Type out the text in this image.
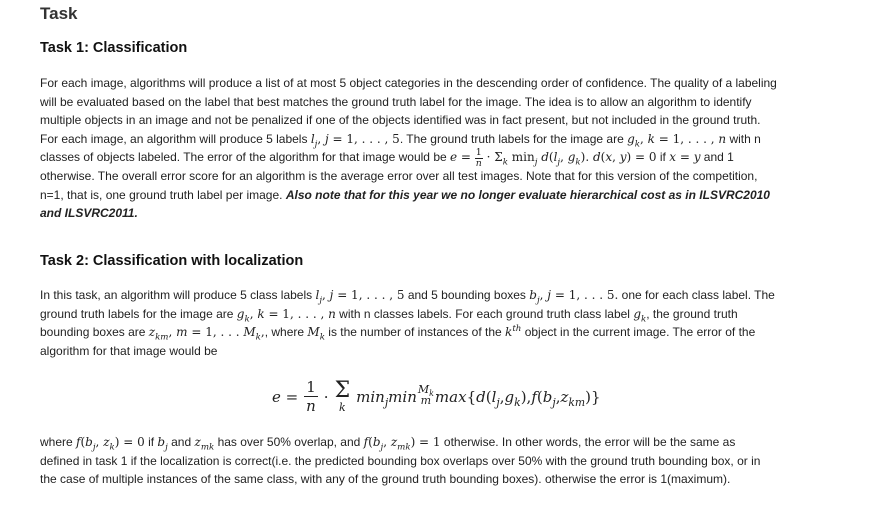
Task
Task 1: Classification
For each image, algorithms will produce a list of at most 5 object categories in the descending order of confidence. The quality of a labeling
will be evaluated based on the label that best matches the ground truth label for the image. The idea is to allow an algorithm to identify
multiple objects in an image and not be penalized if one of the objects identified was in fact present, but not included in the ground truth.
For each image, an algorithm will produce 5 labels $l_j$, j = 1, . . . , 5. The ground truth labels for the image are $g_k$, k = 1, . . . , n with n
classes of objects labeled. The error of the algorithm for that image would be $e = \frac{1}{n} \cdot \Sigma_k$ $\min_j d(l_j$, $g_k$). d(x, y) = 0 if x = y and 1
otherwise. The overall error score for an algorithm is the average error over all test images. Note that for this version of the competition,
n=1, that is, one ground truth label per image. Also note that for this year we no longer evaluate hierarchical cost as in ILSVRC2010
and ILSVRC2011.
Task 2: Classification with localization
In this task, an algorithm will produce 5 class labels $l_j$, j = 1, . . . , 5 and 5 bounding boxes $b_j$, j = 1, . . . 5. one for each class label. The
ground truth labels for the image are $g_k$, k = 1, . . . , n with n classes labels. For each ground truth class label $g_k$, the ground truth
bounding boxes are $z_{km}$, m = 1, . . . $M_k$,, where $M_k$ is the number of instances of the $k^{th}$ object in the current image. The error of the
algorithm for that image would be
$e = \frac{1}{n} \cdot \Sigma$
k
$\min_j\min$ $M_k$
m max { d ( $l_j$ , $g_k$ ), f ( $b_j$ , $z_{km}$ )}
where $f(b_j$, $z_k) = 0$ if $b_j$ and $z_{mk}$ has over 50% overlap, and $f(b_j$, $z_{mk}) = 1$ otherwise. In other words, the error will be the same as
defined in task 1 if the localization is correct(i.e. the predicted bounding box overlaps over 50% with the ground truth bounding box, or in
the case of multiple instances of the same class, with any of the ground truth bounding boxes). otherwise the error is 1(maximum).
